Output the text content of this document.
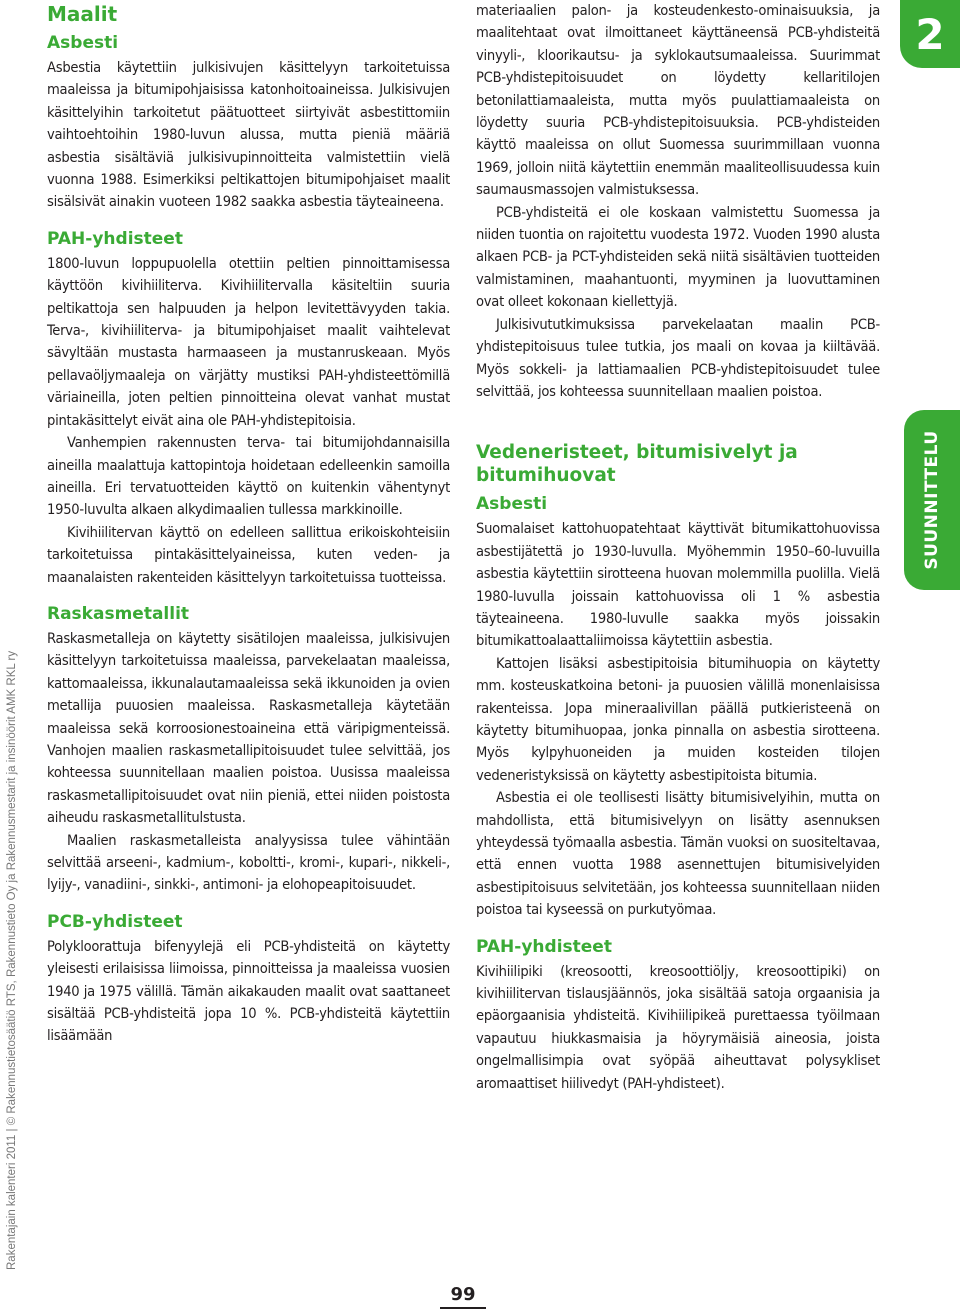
Rakentajain kalenteri 2011 | © Rakennustietosäätiö RTS, Rakennustieto Oy ja Rakennusmestarit ja insinöörit AMK RKL ry
Maalit
Asbesti

Asbestia käytettiin julkisivujen käsittelyyn tarkoitetuissa maaleissa ja bitumipohjaisissa katonhoitoaineissa. Julkisivujen käsittelyihin tarkoitetut päätuotteet siirtyivät asbestittomiin vaihtoehtoihin 1980-luvun alussa, mutta pieniä määriä asbestia sisältäviä julkisivupinnoitteita valmistettiin vielä vuonna 1988. Esimerkiksi peltikattojen bitumipohjaiset maalit sisälsivät ainakin vuoteen 1982 saakka asbestia täyteaineena.

PAH-yhdisteet

1800-luvun loppupuolella otettiin peltien pinnoittamisessa käyttöön kivihiiliterva. Kivihiilitervalla käsiteltiin suuria peltikattoja sen halpuuden ja helpon levitettävyyden takia. Terva-, kivihiiliterva- ja bitumipohjaiset maalit vaihtelevat sävyltään mustasta harmaaseen ja mustanruskeaan. Myös pellavaöljymaaleja on värjätty mustiksi PAH-yhdisteettömillä väriaineilla, joten peltien pinnoitteina olevat vanhat mustat pintakäsittelyt eivät aina ole PAH-yhdistepitoisia.

Vanhempien rakennusten terva- tai bitumijohdannaisilla aineilla maalattuja kattopintoja hoidetaan edelleenkin samoilla aineilla. Eri tervatuotteiden käyttö on kuitenkin vähentynyt 1950-luvulta alkaen alkydimaalien tullessa markkinoille.

Kivihiilitervan käyttö on edelleen sallittua erikoiskohteisiin tarkoitetuissa pintakäsittelyaineissa, kuten veden- ja maanalaisten rakenteiden käsittelyyn tarkoitetuissa tuotteissa.

Raskasmetallit

Raskasmetalleja on käytetty sisätilojen maaleissa, julkisivujen käsittelyyn tarkoitetuissa maaleissa, parvekelaatan maaleissa, kattomaaleissa, ikkunalautamaaleissa sekä ikkunoiden ja ovien metallija puuosien maaleissa. Raskasmetalleja käytetään maaleissa sekä korroosionestoaineina että väripigmenteissä. Vanhojen maalien raskasmetallipitoisuudet tulee selvittää, jos kohteessa suunnitellaan maalien poistoa. Uusissa maaleissa raskasmetallipitoisuudet ovat niin pieniä, ettei niiden poistosta aiheudu raskasmetallitulstusta.

Maalien raskasmetalleista analyysissa tulee vähintään selvittää arseeni-, kadmium-, koboltti-, kromi-, kupari-, nikkeli-, lyijy-, vanadiini-, sinkki-, antimoni- ja elohopeapitoisuudet.

PCB-yhdisteet

Polykloorattuja bifenyylejä eli PCB-yhdisteitä on käytetty yleisesti erilaisissa liimoissa, pinnoitteissa ja maaleissa vuosien 1940 ja 1975 välillä. Tämän aikakauden maalit ovat saattaneet sisältää PCB-yhdisteitä jopa 10 %. PCB-yhdisteitä käytettiin lisäämään

materiaalien palon- ja kosteudenkesto-ominaisuuksia, ja maalitehtaat ovat ilmoittaneet käyttäneensä PCB-yhdisteitä vinyyli-, kloorikautsu- ja syklokautsumaaleissa. Suurimmat PCB-yhdistepitoisuudet on löydetty kellaritilojen betonilattiamaaleista, mutta myös puulattiamaaleista on löydetty suuria PCB-yhdistepitoisuuksia. PCB-yhdisteiden käyttö maaleissa on ollut Suomessa suurimmillaan vuonna 1969, jolloin niitä käytettiin enemmän maaliteollisuudessa kuin saumausmassojen valmistuksessa.

PCB-yhdisteitä ei ole koskaan valmistettu Suomessa ja niiden tuontia on rajoitettu vuodesta 1972. Vuoden 1990 alusta alkaen PCB- ja PCT-yhdisteiden sekä niitä sisältävien tuotteiden valmistaminen, maahantuonti, myyminen ja luovuttaminen ovat olleet kokonaan kiellettyjä.

Julkisivututkimuksissa parvekelaatan maalin PCB-yhdistepitoisuus tulee tutkia, jos maali on kovaa ja kiiltävää. Myös sokkeli- ja lattiamaalien PCB-yhdistepitoisuudet tulee selvittää, jos kohteessa suunnitellaan maalien poistoa.

Vedeneristeet, bitumisivelyt ja bitumihuovat
Asbesti

Suomalaiset kattohuopatehtaat käyttivät bitumikattohuovissa asbestijätettä jo 1930-luvulla. Myöhemmin 1950–60-luvuilla asbestia käytettiin sirotteena huovan molemmilla puolilla. Vielä 1980-luvulla joissain kattohuovissa oli 1 % asbestia täyteaineena. 1980-luvulle saakka myös joissakin bitumikattoalaattaliimoissa käytettiin asbestia.

Kattojen lisäksi asbestipitoisia bitumihuopia on käytetty mm. kosteuskatkoina betoni- ja puuosien välillä monenlaisissa rakenteissa. Jopa mineraalivillan päällä putkieristeenä on käytetty bitumihuopaa, jonka pinnalla on asbestia sirotteena. Myös kylpyhuoneiden ja muiden kosteiden tilojen vedeneristyksissä on käytetty asbestipitoista bitumia.

Asbestia ei ole teollisesti lisätty bitumisivelyihin, mutta on mahdollista, että bitumisivelyyn on lisätty asennuksen yhteydessä työmaalla asbestia. Tämän vuoksi on suositeltavaa, että ennen vuotta 1988 asennettujen bitumisivelyiden asbestipitoisuus selvitetään, jos kohteessa suunnitellaan niiden poistoa tai kyseessä on purkutyömaa.

PAH-yhdisteet

Kivihiilipiki (kreosootti, kreosoottiöljy, kreosoottipiki) on kivihiilitervan tislausjäännös, joka sisältää satoja orgaanisia ja epäorgaanisia yhdisteitä. Kivihiilipikeä purettaessa työilmaan vapautuu hiukkasmaisia ja höyrymäisiä aineosia, joista ongelmallisimpia ovat syöpää aiheuttavat polysykliset aromaattiset hiilivedyt (PAH-yhdisteet).

2
SUUNNITTELU
99
